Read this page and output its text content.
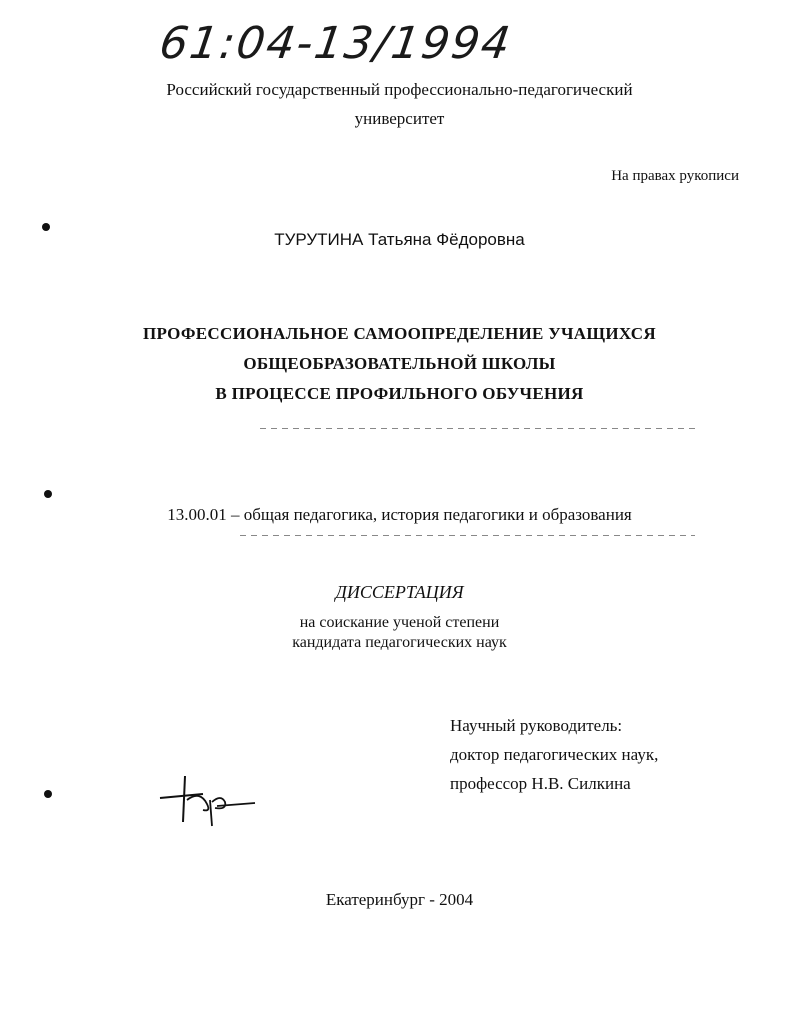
61:04-13/1994
Российский государственный профессионально-педагогический
университет
На правах рукописи
ТУРУТИНА Татьяна Фёдоровна
ПРОФЕССИОНАЛЬНОЕ САМООПРЕДЕЛЕНИЕ УЧАЩИХСЯ
ОБЩЕОБРАЗОВАТЕЛЬНОЙ ШКОЛЫ
В ПРОЦЕССЕ ПРОФИЛЬНОГО ОБУЧЕНИЯ
13.00.01 – общая педагогика, история педагогики и образования
ДИССЕРТАЦИЯ
на соискание ученой степени
кандидата педагогических наук
Научный руководитель:
доктор педагогических наук,
профессор Н.В. Силкина
Екатеринбург - 2004
